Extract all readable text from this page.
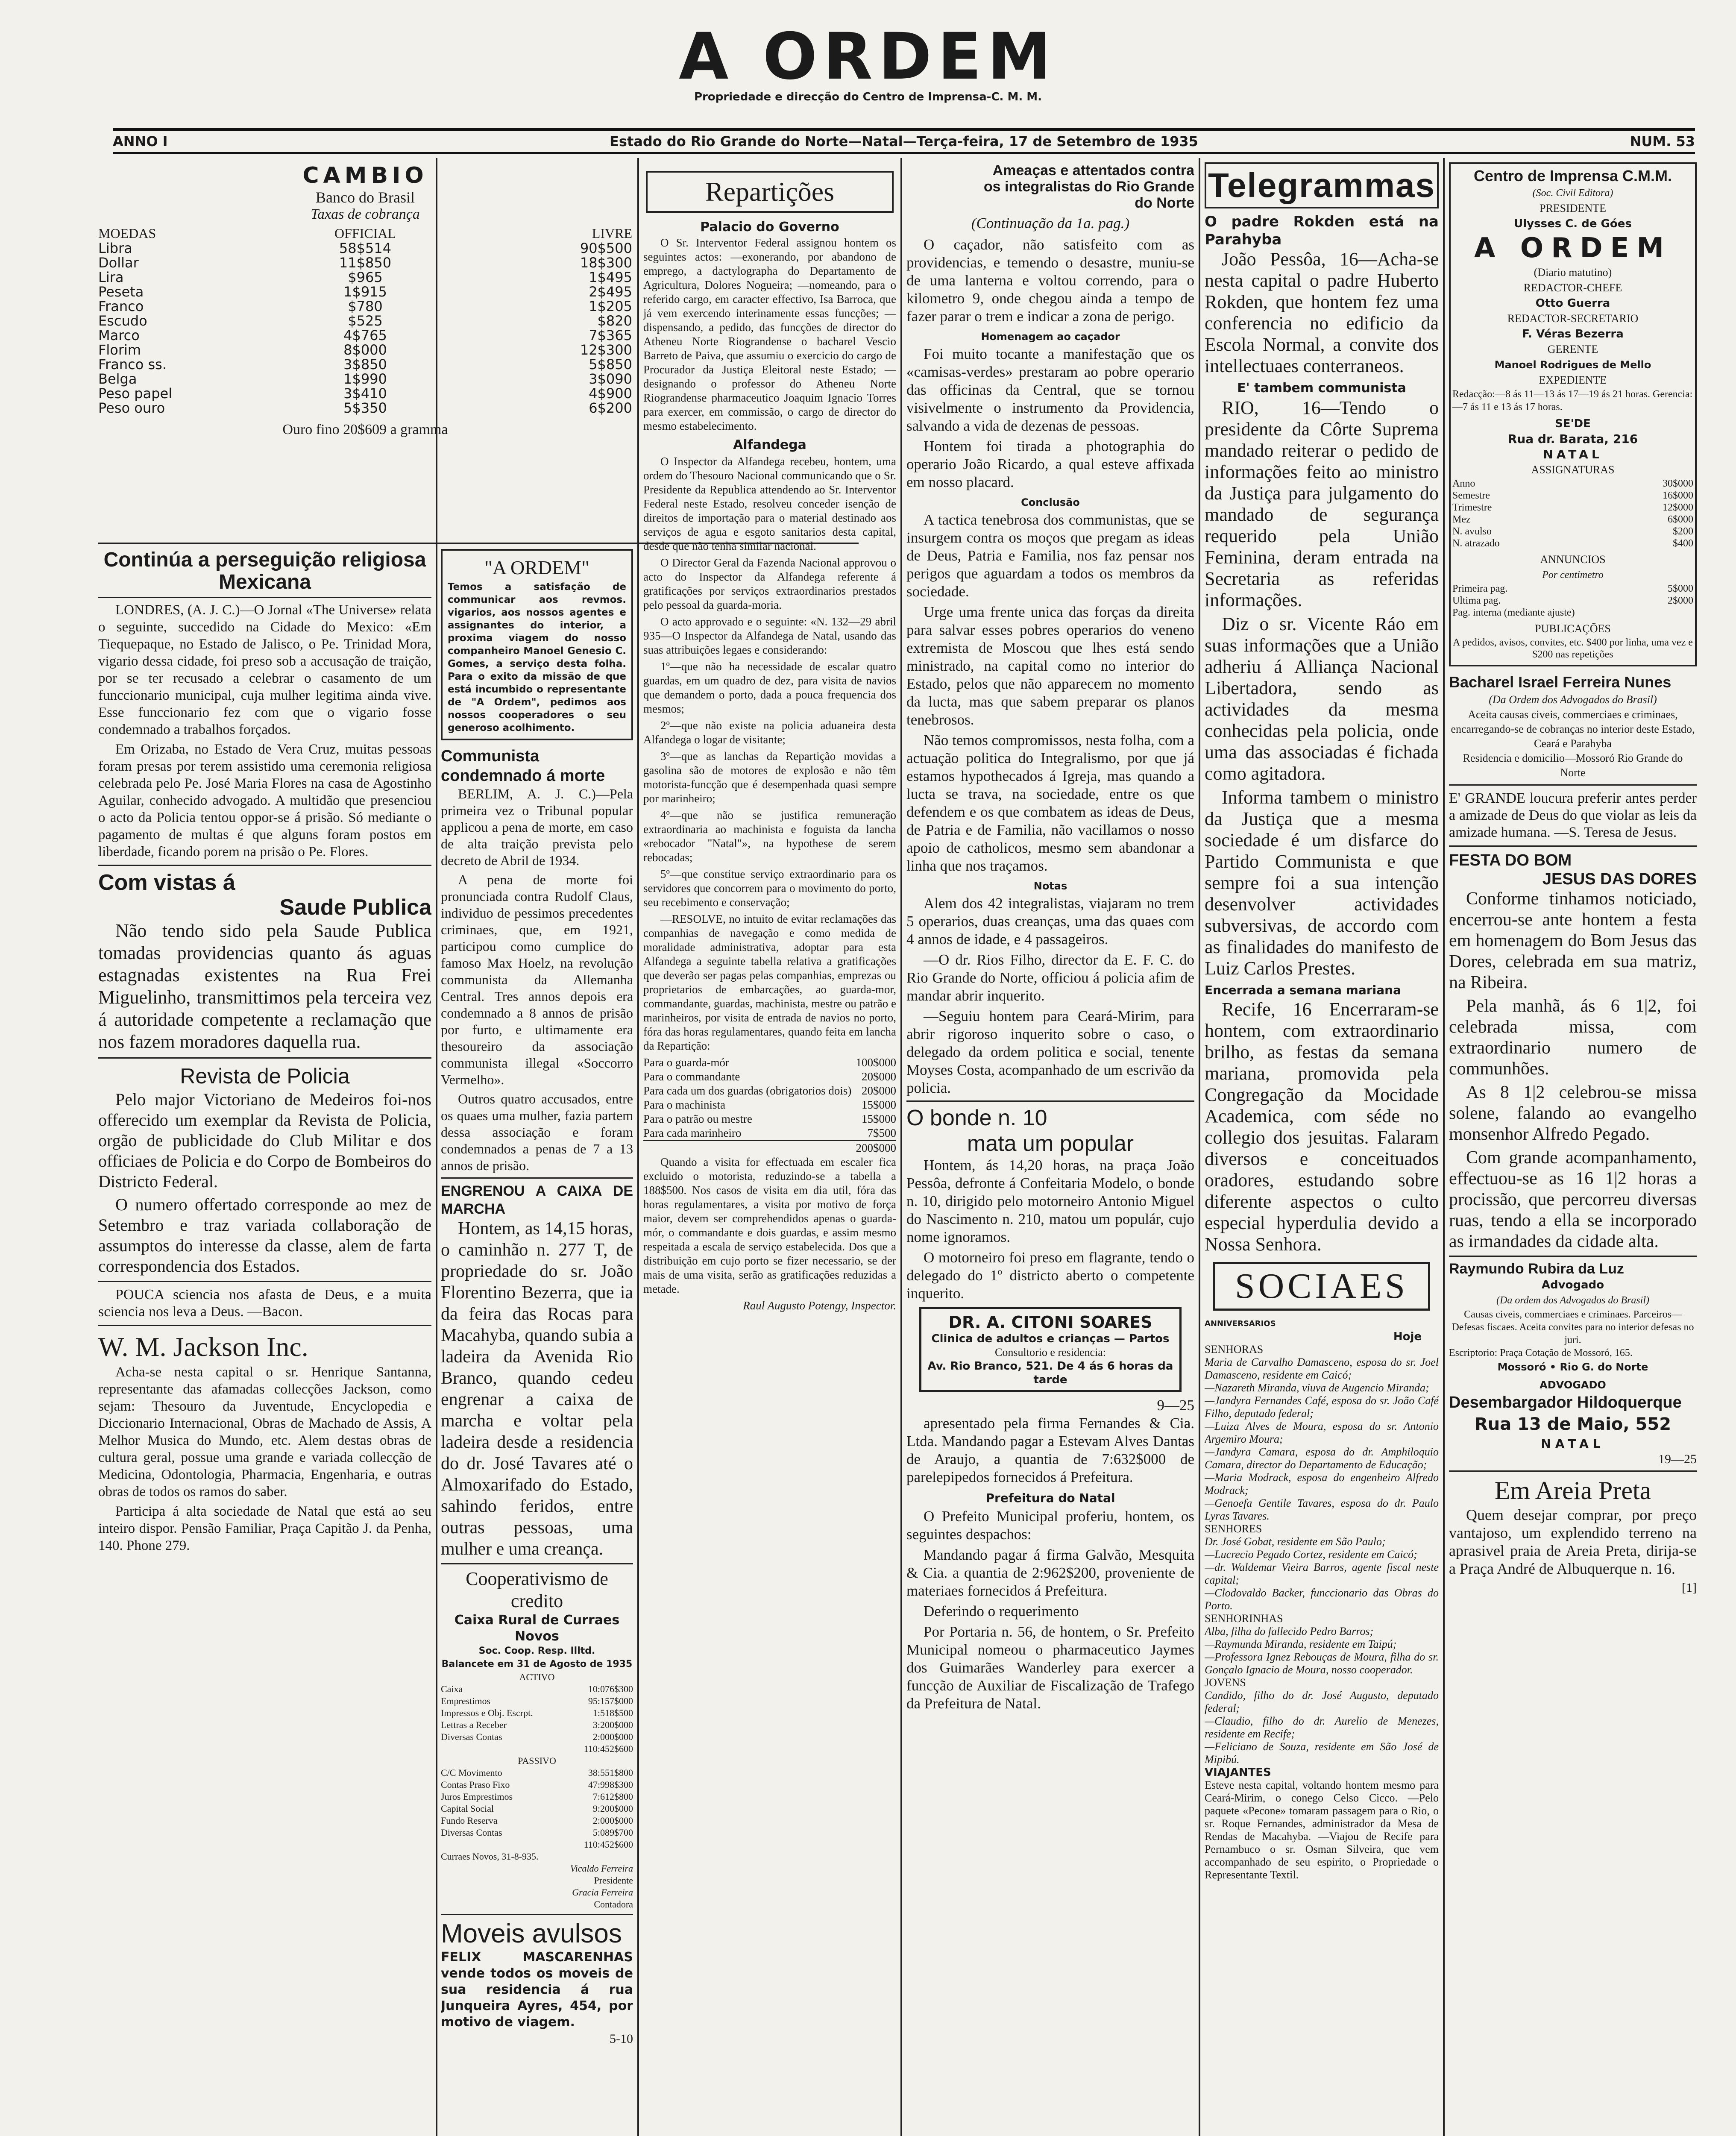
A ORDEM
Propriedade e direcção do Centro de Imprensa-C. M. M.
ANNO I	Estado do Rio Grande do Norte—Natal—Terça-feira, 17 de Setembro de 1935	NUM. 53
CAMBIO
Banco do Brasil
Taxas de cobrança
MOEDAS	OFFICIAL	LIVRE
Libra	58$514	90$500
Dollar	11$850	18$300
Lira	$965	1$495
Peseta	1$915	2$495
Franco	$780	1$205
Escudo	$525	$820
Marco	4$765	7$365
Florim	8$000	12$300
Franco ss.	3$850	5$850
Belga	1$990	3$090
Peso papel	3$410	4$900
Peso ouro	5$350	6$200
Ouro fino 20$609 a gramma
Continúa a perseguição religiosa Mexicana

LONDRES, (A. J. C.)—O Jornal «The Universe» relata o seguinte, succedido na Cidade do Mexico: «Em Tiequepaque, no Estado de Jalisco, o Pe. Trinidad Mora, vigario dessa cidade, foi preso sob a accusação de traição, por se ter recusado a celebrar o casamento de um funccionario municipal, cuja mulher legitima ainda vive. Esse funccionario fez com que o vigario fosse condemnado a trabalhos forçados.

Em Orizaba, no Estado de Vera Cruz, muitas pessoas foram presas por terem assistido uma ceremonia religiosa celebrada pelo Pe. José Maria Flores na casa de Agostinho Aguilar, conhecido advogado. A multidão que presenciou o acto da Policia tentou oppor-se á prisão. Só mediante o pagamento de multas é que alguns foram postos em liberdade, ficando porem na prisão o Pe. Flores.

Com vistas á
Saude Publica

Não tendo sido pela Saude Publica tomadas providencias quanto ás aguas estagnadas existentes na Rua Frei Miguelinho, transmittimos pela terceira vez á autoridade competente a reclamação que nos fazem moradores daquella rua.

Revista de Policia

Pelo major Victoriano de Medeiros foi-nos offerecido um exemplar da Revista de Policia, orgão de publicidade do Club Militar e dos officiaes de Policia e do Corpo de Bombeiros do Districto Federal.

O numero offertado corresponde ao mez de Setembro e traz variada collaboração de assumptos do interesse da classe, alem de farta correspondencia dos Estados.

POUCA sciencia nos afasta de Deus, e a muita sciencia nos leva a Deus. —Bacon.

W. M. Jackson Inc.

Acha-se nesta capital o sr. Henrique Santanna, representante das afamadas collecções Jackson, como sejam: Thesouro da Juventude, Encyclopedia e Diccionario Internacional, Obras de Machado de Assis, A Melhor Musica do Mundo, etc. Alem destas obras de cultura geral, possue uma grande e variada collecção de Medicina, Odontologia, Pharmacia, Engenharia, e outras obras de todos os ramos do saber.

Participa á alta sociedade de Natal que está ao seu inteiro dispor. Pensão Familiar, Praça Capitão J. da Penha, 140. Phone 279.

"A ORDEM"
Temos a satisfação de communicar aos revmos. vigarios, aos nossos agentes e assignantes do interior, a proxima viagem do nosso companheiro Manoel Genesio C. Gomes, a serviço desta folha. Para o exito da missão de que está incumbido o representante de "A Ordem", pedimos aos nossos cooperadores o seu generoso acolhimento.
Communista condemnado á morte

BERLIM, A. J. C.)—Pela primeira vez o Tribunal popular applicou a pena de morte, em caso de alta traição prevista pelo decreto de Abril de 1934.

A pena de morte foi pronunciada contra Rudolf Claus, individuo de pessimos precedentes criminaes, que, em 1921, participou como cumplice do famoso Max Hoelz, na revolução communista da Allemanha Central. Tres annos depois era condemnado a 8 annos de prisão por furto, e ultimamente era thesoureiro da associação communista illegal «Soccorro Vermelho».

Outros quatro accusados, entre os quaes uma mulher, fazia partem dessa associação e foram condemnados a penas de 7 a 13 annos de prisão.

ENGRENOU A CAIXA DE MARCHA

Hontem, as 14,15 horas, o caminhão n. 277 T, de propriedade do sr. João Florentino Bezerra, que ia da feira das Rocas para Macahyba, quando subia a ladeira da Avenida Rio Branco, quando cedeu engrenar a caixa de marcha e voltar pela ladeira desde a residencia do dr. José Tavares até o Almoxarifado do Estado, sahindo feridos, entre outras pessoas, uma mulher e uma creança.

Cooperativismo de credito
Caixa Rural de Curraes Novos
Soc. Coop. Resp. Illtd.
Balancete em 31 de Agosto de 1935
ACTIVO
Caixa	10:076$300
Emprestimos	95:157$000
Impressos e Obj. Escrpt.	1:518$500
Lettras a Receber	3:200$000
Diversas Contas	2:000$000
110:452$600
PASSIVO
C/C Movimento	38:551$800
Contas Praso Fixo	47:998$300
Juros Emprestimos	7:612$800
Capital Social	9:200$000
Fundo Reserva	2:000$000
Diversas Contas	5:089$700
110:452$600
Curraes Novos, 31-8-935.
Vicaldo Ferreira
Presidente
Gracia Ferreira
Contadora
Moveis avulsos
FELIX MASCARENHAS vende todos os moveis de sua residencia á rua Junqueira Ayres, 454, por motivo de viagem.
5-10
Repartições
Palacio do Governo

O Sr. Interventor Federal assignou hontem os seguintes actos: —exonerando, por abandono de emprego, a dactylographa do Departamento de Agricultura, Dolores Nogueira; —nomeando, para o referido cargo, em caracter effectivo, Isa Barroca, que já vem exercendo interinamente essas funcções; —dispensando, a pedido, das funcções de director do Atheneu Norte Riograndense o bacharel Vescio Barreto de Paiva, que assumiu o exercicio do cargo de Procurador da Justiça Eleitoral neste Estado; —designando o professor do Atheneu Norte Riograndense pharmaceutico Joaquim Ignacio Torres para exercer, em commissão, o cargo de director do mesmo estabelecimento.

Alfandega

O Inspector da Alfandega recebeu, hontem, uma ordem do Thesouro Nacional communicando que o Sr. Presidente da Republica attendendo ao Sr. Interventor Federal neste Estado, resolveu conceder isenção de direitos de importação para o material destinado aos serviços de agua e esgoto sanitarios desta capital, desde que não tenha similar nacional.

O Director Geral da Fazenda Nacional approvou o acto do Inspector da Alfandega referente á gratificações por serviços extraordinarios prestados pelo pessoal da guarda-moria.

O acto approvado e o seguinte: «N. 132—29 abril 935—O Inspector da Alfandega de Natal, usando das suas attribuições legaes e considerando:

1º—que não ha necessidade de escalar quatro guardas, em um quadro de dez, para visita de navios que demandem o porto, dada a pouca frequencia dos mesmos;

2º—que não existe na policia aduaneira desta Alfandega o logar de visitante;

3º—que as lanchas da Repartição movidas a gasolina são de motores de explosão e não têm motorista-funcção que é desempenhada quasi sempre por marinheiro;

4º—que não se justifica remuneração extraordinaria ao machinista e foguista da lancha «rebocador "Natal"», na hypothese de serem rebocadas;

5º—que constitue serviço extraordinario para os servidores que concorrem para o movimento do porto, seu recebimento e conservação;

—RESOLVE, no intuito de evitar reclamações das companhias de navegação e como medida de moralidade administrativa, adoptar para esta Alfandega a seguinte tabella relativa a gratificações que deverão ser pagas pelas companhias, emprezas ou proprietarios de embarcações, ao guarda-mor, commandante, guardas, machinista, mestre ou patrão e marinheiros, por visita de entrada de navios no porto, fóra das horas regulamentares, quando feita em lancha da Repartição:

Para o guarda-mór	100$000
Para o commandante	20$000
Para cada um dos guardas (obrigatorios dois) 20$000
Para o machinista	15$000
Para o patrão ou mestre	15$000
Para cada marinheiro	7$500
200$000

Quando a visita for effectuada em escaler fica excluido o motorista, reduzindo-se a tabella a 188$500. Nos casos de visita em dia util, fóra das horas regulamentares, a visita por motivo de força maior, devem ser comprehendidos apenas o guarda-mór, o commandante e dois guardas, e assim mesmo respeitada a escala de serviço estabelecida. Dos que a distribuição em cujo porto se fizer necessario, se der mais de uma visita, serão as gratificações reduzidas a metade.

Raul Augusto Potengy, Inspector.
Ameaças e attentados contra os integralistas do Rio Grande do Norte
(Continuação da 1a. pag.)

O caçador, não satisfeito com as providencias, e temendo o desastre, muniu-se de uma lanterna e voltou correndo, para o kilometro 9, onde chegou ainda a tempo de fazer parar o trem e indicar a zona de perigo.

Homenagem ao caçador

Foi muito tocante a manifestação que os «camisas-verdes» prestaram ao pobre operario das officinas da Central, que se tornou visivelmente o instrumento da Providencia, salvando a vida de dezenas de pessoas.

Hontem foi tirada a photographia do operario João Ricardo, a qual esteve affixada em nosso placard.

Conclusão

A tactica tenebrosa dos communistas, que se insurgem contra os moços que pregam as ideas de Deus, Patria e Familia, nos faz pensar nos perigos que aguardam a todos os membros da sociedade.

Urge uma frente unica das forças da direita para salvar esses pobres operarios do veneno extremista de Moscou que lhes está sendo ministrado, na capital como no interior do Estado, pelos que não apparecem no momento da lucta, mas que sabem preparar os planos tenebrosos.

Não temos compromissos, nesta folha, com a actuação politica do Integralismo, por que já estamos hypothecados á Igreja, mas quando a lucta se trava, na sociedade, entre os que defendem e os que combatem as ideas de Deus, de Patria e de Familia, não vacillamos o nosso apoio de catholicos, mesmo sem abandonar a linha que nos traçamos.

Notas

Alem dos 42 integralistas, viajaram no trem 5 operarios, duas creanças, uma das quaes com 4 annos de idade, e 4 passageiros.

—O dr. Rios Filho, director da E. F. C. do Rio Grande do Norte, officiou á policia afim de mandar abrir inquerito.

—Seguiu hontem para Ceará-Mirim, para abrir rigoroso inquerito sobre o caso, o delegado da ordem politica e social, tenente Moyses Costa, acompanhado de um escrivão da policia.

O bonde n. 10
mata um popular

Hontem, ás 14,20 horas, na praça João Pessôa, defronte á Confeitaria Modelo, o bonde n. 10, dirigido pelo motorneiro Antonio Miguel do Nascimento n. 210, matou um populár, cujo nome ignoramos.

O motorneiro foi preso em flagrante, tendo o delegado do 1º districto aberto o competente inquerito.

DR. A. CITONI SOARES
Clinica de adultos e crianças — Partos
Consultorio e residencia:
Av. Rio Branco, 521. De 4 ás 6 horas da tarde
9—25

apresentado pela firma Fernandes & Cia. Ltda. Mandando pagar a Estevam Alves Dantas de Araujo, a quantia de 7:632$000 de parelepipedos fornecidos á Prefeitura.

Prefeitura do Natal

O Prefeito Municipal proferiu, hontem, os seguintes despachos:

Mandando pagar á firma Galvão, Mesquita & Cia. a quantia de 2:962$200, proveniente de materiaes fornecidos á Prefeitura.

Deferindo o requerimento

Por Portaria n. 56, de hontem, o Sr. Prefeito Municipal nomeou o pharmaceutico Jaymes dos Guimarães Wanderley para exercer a funcção de Auxiliar de Fiscalização de Trafego da Prefeitura de Natal.

Telegrammas
O padre Rokden está na Parahyba

João Pessôa, 16—Acha-se nesta capital o padre Huberto Rokden, que hontem fez uma conferencia no edificio da Escola Normal, a convite dos intellectuaes conterraneos.

E' tambem communista

RIO, 16—Tendo o presidente da Côrte Suprema mandado reiterar o pedido de informações feito ao ministro da Justiça para julgamento do mandado de segurança requerido pela União Feminina, deram entrada na Secretaria as referidas informações.

Diz o sr. Vicente Ráo em suas informações que a União adheriu á Alliança Nacional Libertadora, sendo as actividades da mesma conhecidas pela policia, onde uma das associadas é fichada como agitadora.

Informa tambem o ministro da Justiça que a mesma sociedade é um disfarce do Partido Communista e que sempre foi a sua intenção desenvolver actividades subversivas, de accordo com as finalidades do manifesto de Luiz Carlos Prestes.

Encerrada a semana mariana

Recife, 16 Encerraram-se hontem, com extraordinario brilho, as festas da semana mariana, promovida pela Congregação da Mocidade Academica, com séde no collegio dos jesuitas. Falaram diversos e conceituados oradores, estudando sobre diferente aspectos o culto especial hyperdulia devido a Nossa Senhora.

SOCIAES
ANNIVERSARIOS
Hoje
SENHORAS
Maria de Carvalho Damasceno, esposa do sr. Joel Damasceno, residente em Caicó;
—Nazareth Miranda, viuva de Augencio Miranda;
—Jandyra Fernandes Café, esposa do sr. João Café Filho, deputado federal;
—Luiza Alves de Moura, esposa do sr. Antonio Argemiro Moura;
—Jandyra Camara, esposa do dr. Amphiloquio Camara, director do Departamento de Educação;
—Maria Modrack, esposa do engenheiro Alfredo Modrack;
—Genoefa Gentile Tavares, esposa do dr. Paulo Lyras Tavares.
SENHORES
Dr. José Gobat, residente em São Paulo;
—Lucrecio Pegado Cortez, residente em Caicó;
—dr. Waldemar Vieira Barros, agente fiscal neste capital;
—Clodovaldo Backer, funccionario das Obras do Porto.
SENHORINHAS
Alba, filha do fallecido Pedro Barros;
—Raymunda Miranda, residente em Taipú;
—Professora Ignez Rebouças de Moura, filha do sr. Gonçalo Ignacio de Moura, nosso cooperador.
JOVENS
Candido, filho do dr. José Augusto, deputado federal;
—Claudio, filho do dr. Aurelio de Menezes, residente em Recife;
—Feliciano de Souza, residente em São José de Mipibú.
VIAJANTES
Esteve nesta capital, voltando hontem mesmo para Ceará-Mirim, o conego Celso Cicco. —Pelo paquete «Pecone» tomaram passagem para o Rio, o sr. Roque Fernandes, administrador da Mesa de Rendas de Macahyba. —Viajou de Recife para Pernambuco o sr. Osman Silveira, que vem accompanhado de seu espirito, o Propriedade o Representante Textil.
Centro de Imprensa C.M.M.
(Soc. Civil Editora)
PRESIDENTE
Ulysses C. de Góes
A ORDEM
(Diario matutino)
REDACTOR-CHEFE
Otto Guerra
REDACTOR-SECRETARIO
F. Véras Bezerra
GERENTE
Manoel Rodrigues de Mello
EXPEDIENTE
Redacção:—8 ás 11—13 ás 17—19 ás 21 horas. Gerencia:—7 ás 11 e 13 ás 17 horas.
SE'DE
Rua dr. Barata, 216
NATAL
ASSIGNATURAS
Anno	30$000
Semestre	16$000
Trimestre	12$000
Mez	6$000
N. avulso	$200
N. atrazado	$400
ANNUNCIOS
Por centimetro
Primeira pag.	5$000
Ultima pag.	2$000
Pag. interna (mediante ajuste)
PUBLICAÇÕES
A pedidos, avisos, convites, etc. $400 por linha, uma vez e $200 nas repetições
Bacharel Israel Ferreira Nunes
(Da Ordem dos Advogados do Brasil)
Aceita causas civeis, commerciaes e criminaes, encarregando-se de cobranças no interior deste Estado, Ceará e Parahyba
Residencia e domicilio—Mossoró Rio Grande do Norte
E' GRANDE loucura preferir antes perder a amizade de Deus do que violar as leis da amizade humana. —S. Teresa de Jesus.
FESTA DO BOM
JESUS DAS DORES

Conforme tinhamos noticiado, encerrou-se ante hontem a festa em homenagem do Bom Jesus das Dores, celebrada em sua matriz, na Ribeira.

Pela manhã, ás 6 1|2, foi celebrada missa, com extraordinario numero de communhões.

As 8 1|2 celebrou-se missa solene, falando ao evangelho monsenhor Alfredo Pegado.

Com grande acompanhamento, effectuou-se as 16 1|2 horas a procissão, que percorreu diversas ruas, tendo a ella se incorporado as irmandades da cidade alta.

Raymundo Rubira da Luz
Advogado
(Da ordem dos Advogados do Brasil)
Causas civeis, commerciaes e criminaes. Parceiros—Defesas fiscaes. Aceita convites para no interior defesas no juri.
Escriptorio: Praça Cotação de Mossoró, 165.
Mossoró • Rio G. do Norte
ADVOGADO
Desembargador Hildoquerque
Rua 13 de Maio, 552
NATAL
19—25
Em Areia Preta

Quem desejar comprar, por preço vantajoso, um explendido terreno na aprasivel praia de Areia Preta, dirija-se a Praça André de Albuquerque n. 16.

[1]
